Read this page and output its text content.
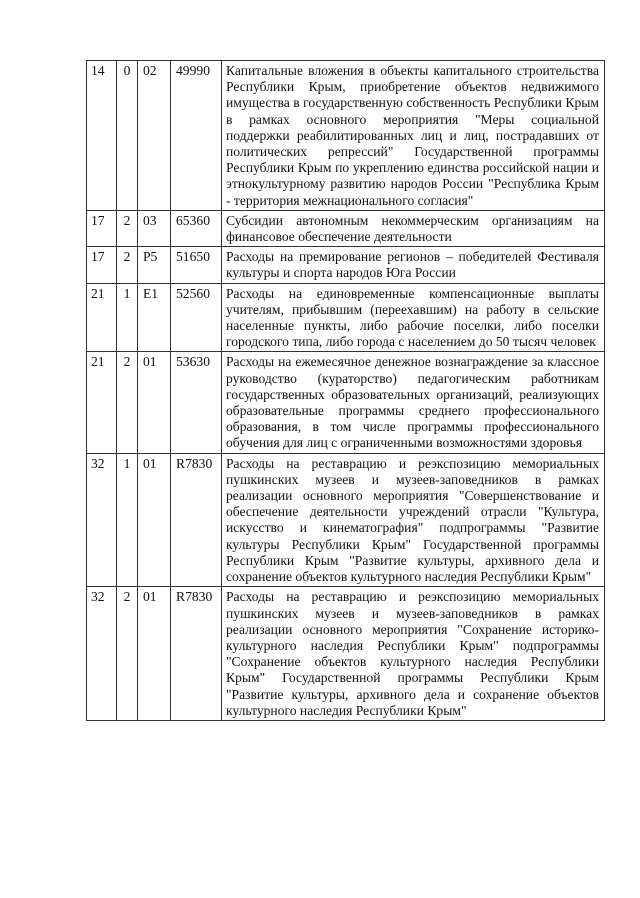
14	0	02	49990	Капитальные вложения в объекты капитального строительства Республики Крым, приобретение объектов недвижимого имущества в государственную собственность Республики Крым в рамках основного мероприятия "Меры социальной поддержки реабилитированных лиц и лиц, пострадавших от политических репрессий" Государственной программы Республики Крым по укреплению единства российской нации и этнокультурному развитию народов России "Республика Крым - территория межнационального согласия"
17	2	03	65360	Субсидии автономным некоммерческим организациям на финансовое обеспечение деятельности
17	2	P5	51650	Расходы на премирование регионов – победителей Фестиваля культуры и спорта народов Юга России
21	1	E1	52560	Расходы на единовременные компенсационные выплаты учителям, прибывшим (переехавшим) на работу в сельские населенные пункты, либо рабочие поселки, либо поселки городского типа, либо города с населением до 50 тысяч человек
21	2	01	53630	Расходы на ежемесячное денежное вознаграждение за классное руководство (кураторство) педагогическим работникам государственных образовательных организаций, реализующих образовательные программы среднего профессионального образования, в том числе программы профессионального обучения для лиц с ограниченными возможностями здоровья
32	1	01	R7830	Расходы на реставрацию и реэкспозицию мемориальных пушкинских музеев и музеев-заповедников в рамках реализации основного мероприятия "Совершенствование и обеспечение деятельности учреждений отрасли "Культура, искусство и кинематография" подпрограммы "Развитие культуры Республики Крым" Государственной программы Республики Крым "Развитие культуры, архивного дела и сохранение объектов культурного наследия Республики Крым"
32	2	01	R7830	Расходы на реставрацию и реэкспозицию мемориальных пушкинских музеев и музеев-заповедников в рамках реализации основного мероприятия "Сохранение историко-культурного наследия Республики Крым" подпрограммы "Сохранение объектов культурного наследия Республики Крым" Государственной программы Республики Крым "Развитие культуры, архивного дела и сохранение объектов культурного наследия Республики Крым"
